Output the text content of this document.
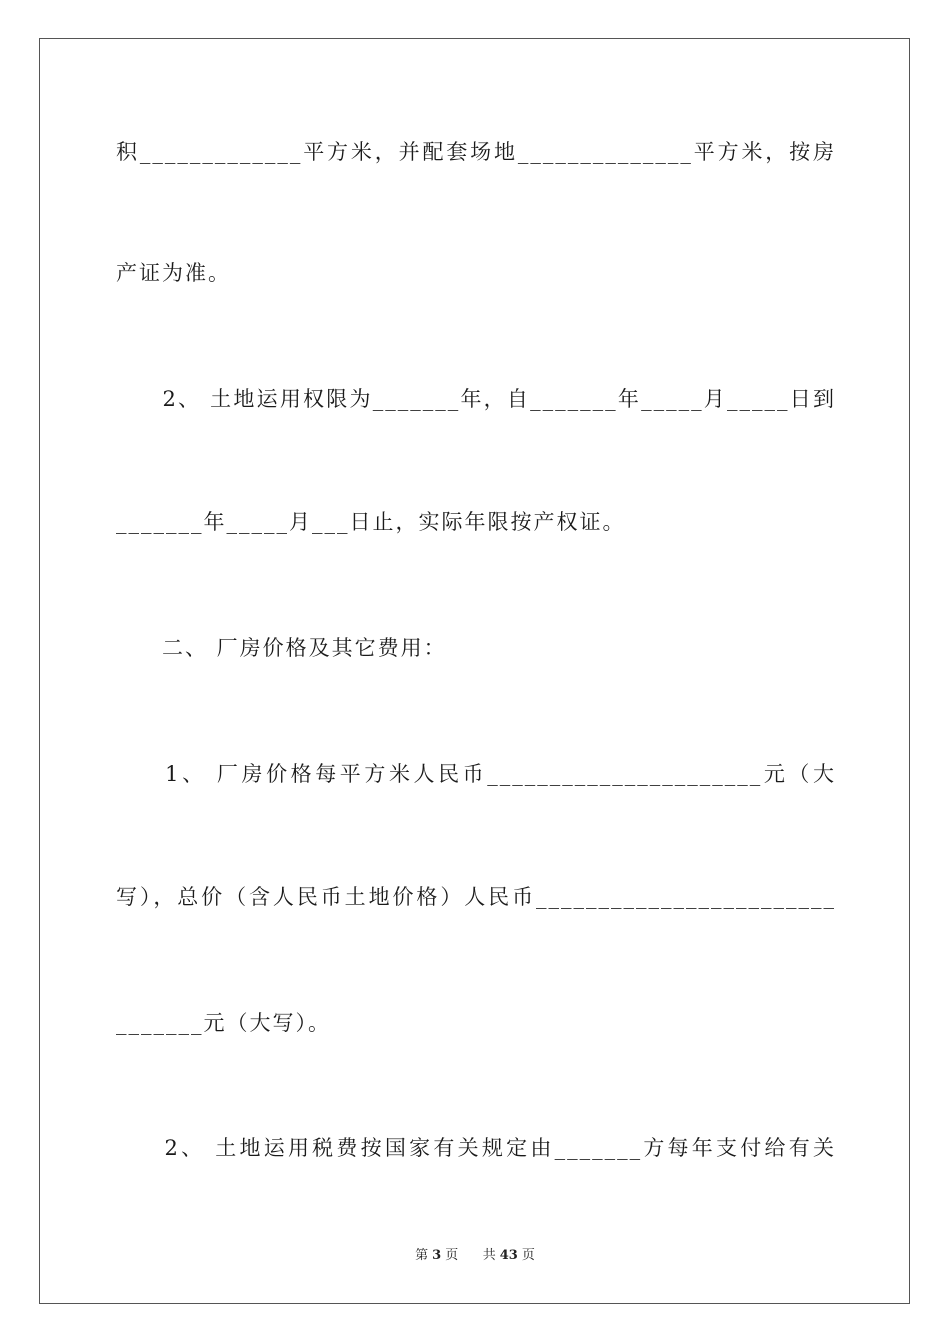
积_____________平方米，并配套场地______________平方米，按房
产证为准。
　　2、 土地运用权限为_______年，自_______年_____月_____日到
_______年_____月___日止，实际年限按产权证。
　　二、 厂房价格及其它费用：
　　1、 厂房价格每平方米人民币______________________元（大
写），总价（含人民币土地价格）人民币________________________
_______元（大写）。
　　2、 土地运用税费按国家有关规定由_______方每年支付给有关
第 3 页 共 43 页
